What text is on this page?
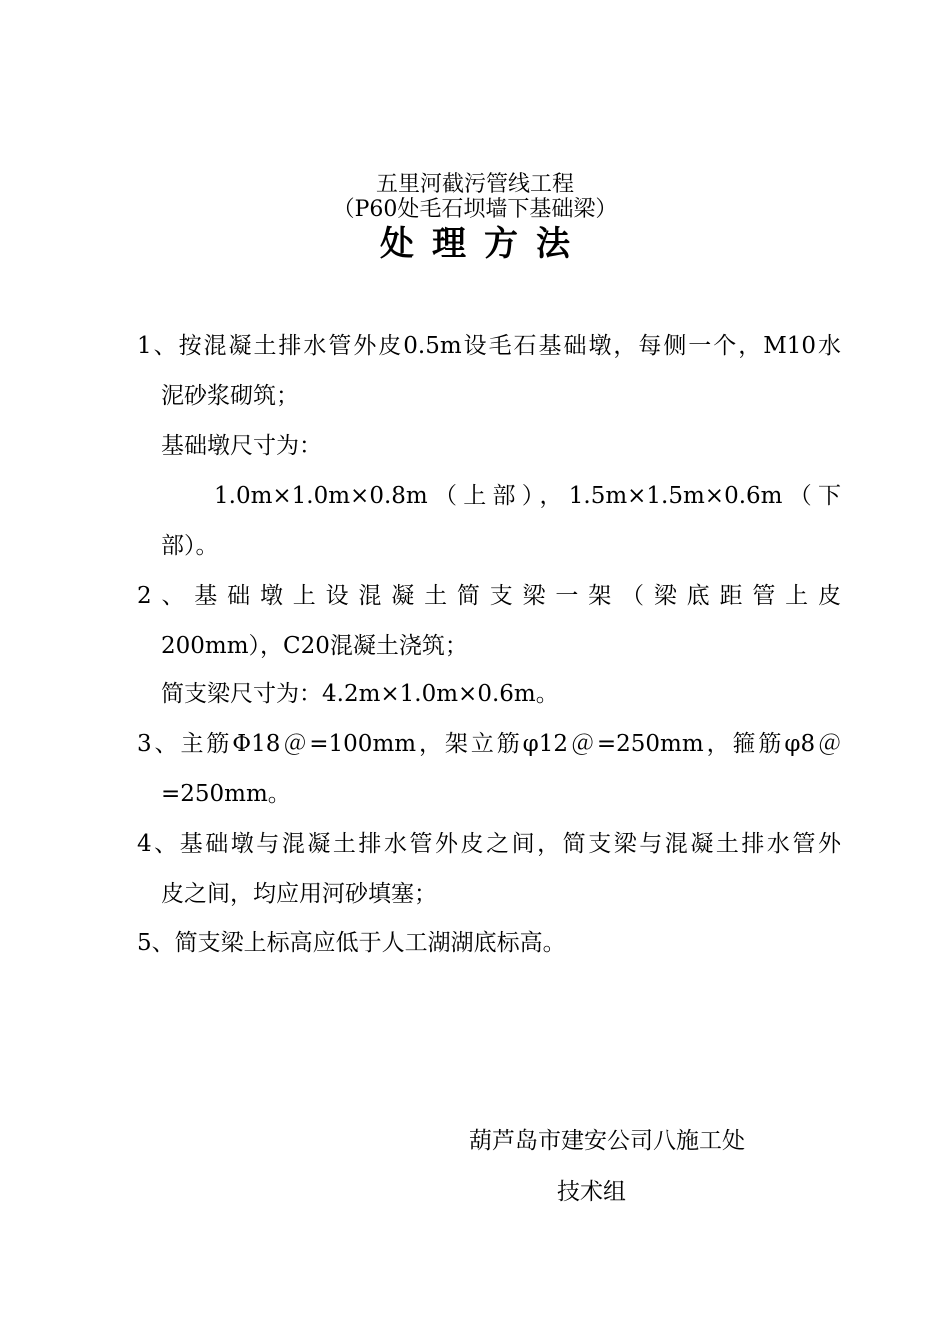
五里河截污管线工程
（P60处毛石坝墙下基础梁）
处理方法
1、按混凝土排水管外皮0.5m设毛石基础墩，每侧一个，M10水
泥砂浆砌筑；
基础墩尺寸为：
1.0m×1.0m×0.8m（上部），1.5m×1.5m×0.6m（下
部）。
2、基础墩上设混凝土简支梁一架（梁底距管上皮
200mm），C20混凝土浇筑；
简支梁尺寸为：4.2m×1.0m×0.6m。
3、主筋Φ18＠=100mm，架立筋φ12＠=250mm，箍筋φ8＠
=250mm。
4、基础墩与混凝土排水管外皮之间，简支梁与混凝土排水管外
皮之间，均应用河砂填塞；
5、简支梁上标高应低于人工湖湖底标高。
葫芦岛市建安公司八施工处
技术组
